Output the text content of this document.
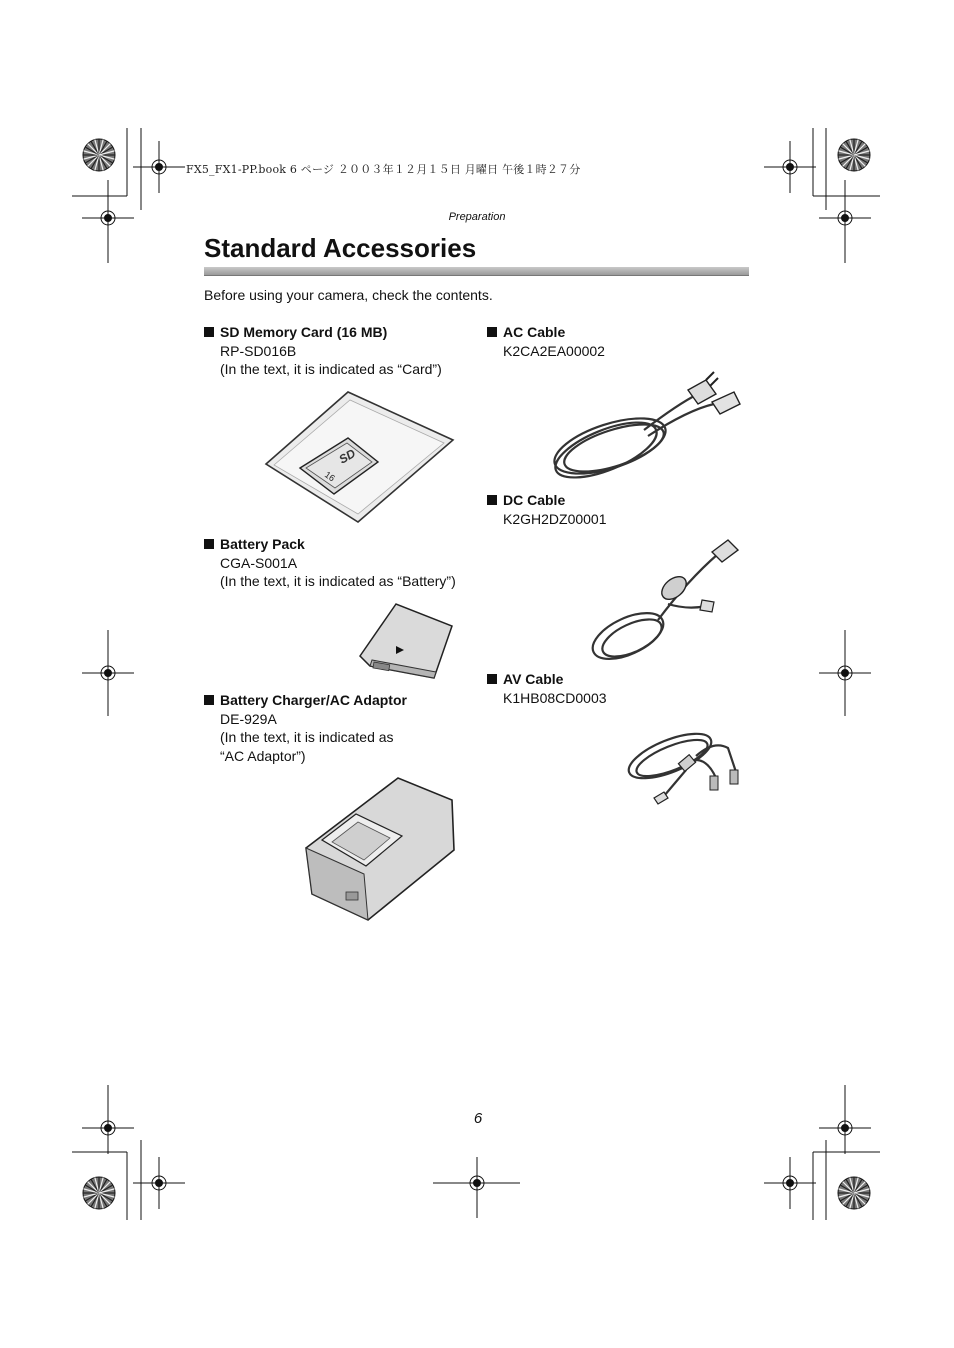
FX5_FX1-PP.book 6 ページ ２００３年１２月１５日 月曜日 午後１時２７分
Preparation
Standard Accessories
Before using your camera, check the contents.
SD Memory Card (16 MB)
RP-SD016B
(In the text, it is indicated as “Card”)
Battery Pack
CGA-S001A
(In the text, it is indicated as “Battery”)
Battery Charger/AC Adaptor
DE-929A
(In the text, it is indicated as
“AC Adaptor”)
AC Cable
K2CA2EA00002
DC Cable
K2GH2DZ00001
AV Cable
K1HB08CD0003
16
SD
6
